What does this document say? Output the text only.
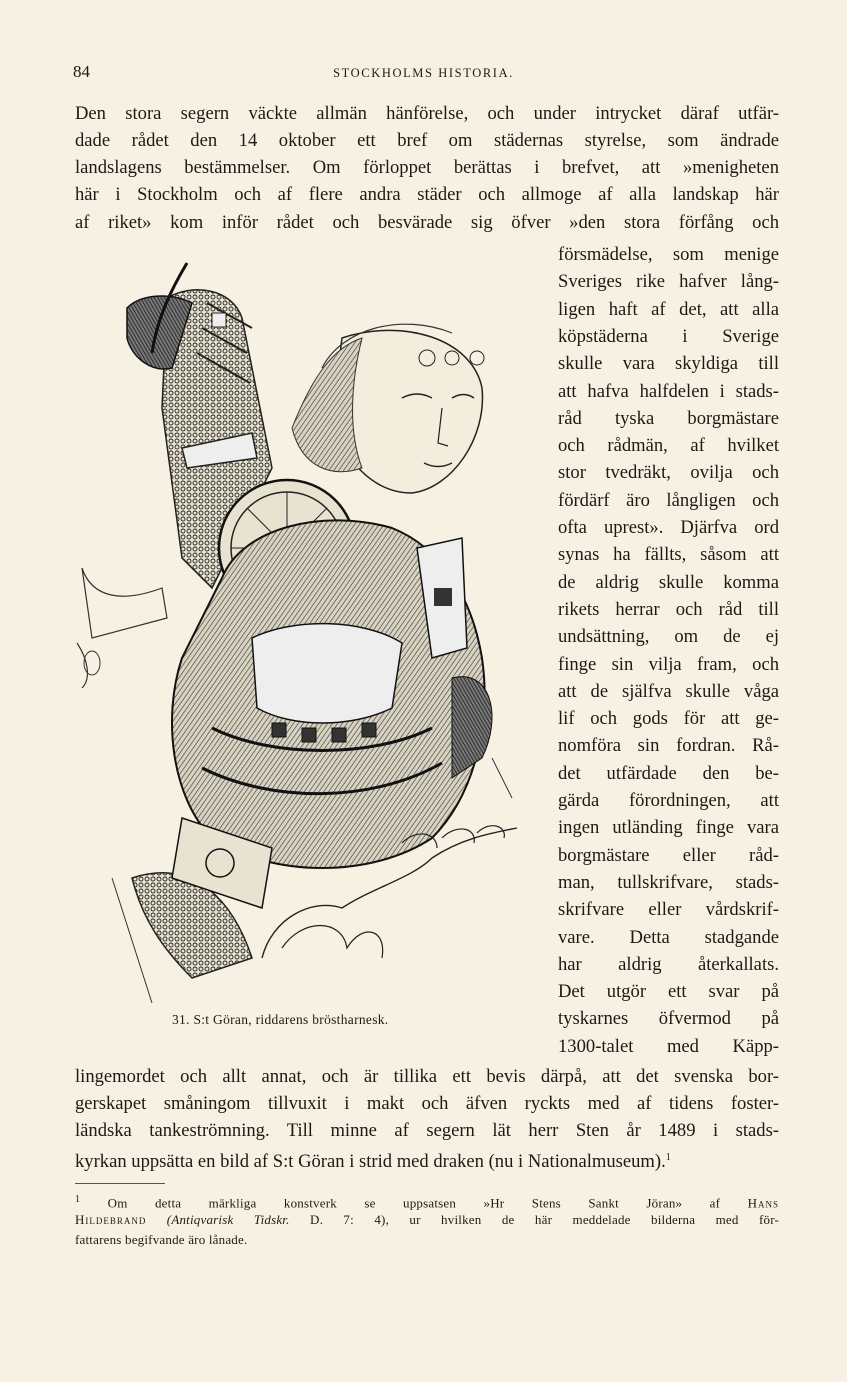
84	STOCKHOLMS HISTORIA.
Den stora segern väckte allmän hänförelse, och under intrycket däraf utfär-
dade rådet den 14 oktober ett bref om städernas styrelse, som ändrade
landslagens bestämmelser. Om förloppet berättas i brefvet, att »menigheten
här i Stockholm och af flere andra städer och allmoge af alla landskap här
af riket» kom inför rådet och besvärade sig öfver »den stora förfång och
försmädelse, som menige
Sveriges rike hafver lång-
ligen haft af det, att alla
köpstäderna i Sverige
skulle vara skyldiga till
att hafva halfdelen i stads-
råd tyska borgmästare
och rådmän, af hvilket
stor tvedräkt, ovilja och
fördärf äro långligen och
ofta uprest». Djärfva ord
synas ha fällts, såsom att
de aldrig skulle komma
rikets herrar och råd till
undsättning, om de ej
finge sin vilja fram, och
att de själfva skulle våga
lif och gods för att ge-
nomföra sin fordran. Rå-
det utfärdade den be-
gärda förordningen, att
ingen utländing finge vara
borgmästare eller råd-
man, tullskrifvare, stads-
skrifvare eller vårdskrif-
vare. Detta stadgande
har aldrig återkallats.
Det utgör ett svar på
tyskarnes öfvermod på
1300-talet med Käpp-
31. S:t Göran, riddarens bröstharnesk.
lingemordet och allt annat, och är tillika ett bevis därpå, att det svenska bor-
gerskapet småningom tillvuxit i makt och äfven ryckts med af tidens foster-
ländska tankeströmning. Till minne af segern lät herr Sten år 1489 i stads-
kyrkan uppsätta en bild af S:t Göran i strid med draken (nu i Nationalmuseum).$^1$
$^1$ Om detta märkliga konstverk se uppsatsen »Hr Stens Sankt Jöran» af Hans
Hildebrand (Antiqvarisk Tidskr. D. 7: 4), ur hvilken de här meddelade bilderna med för-
fattarens begifvande äro lånade.
